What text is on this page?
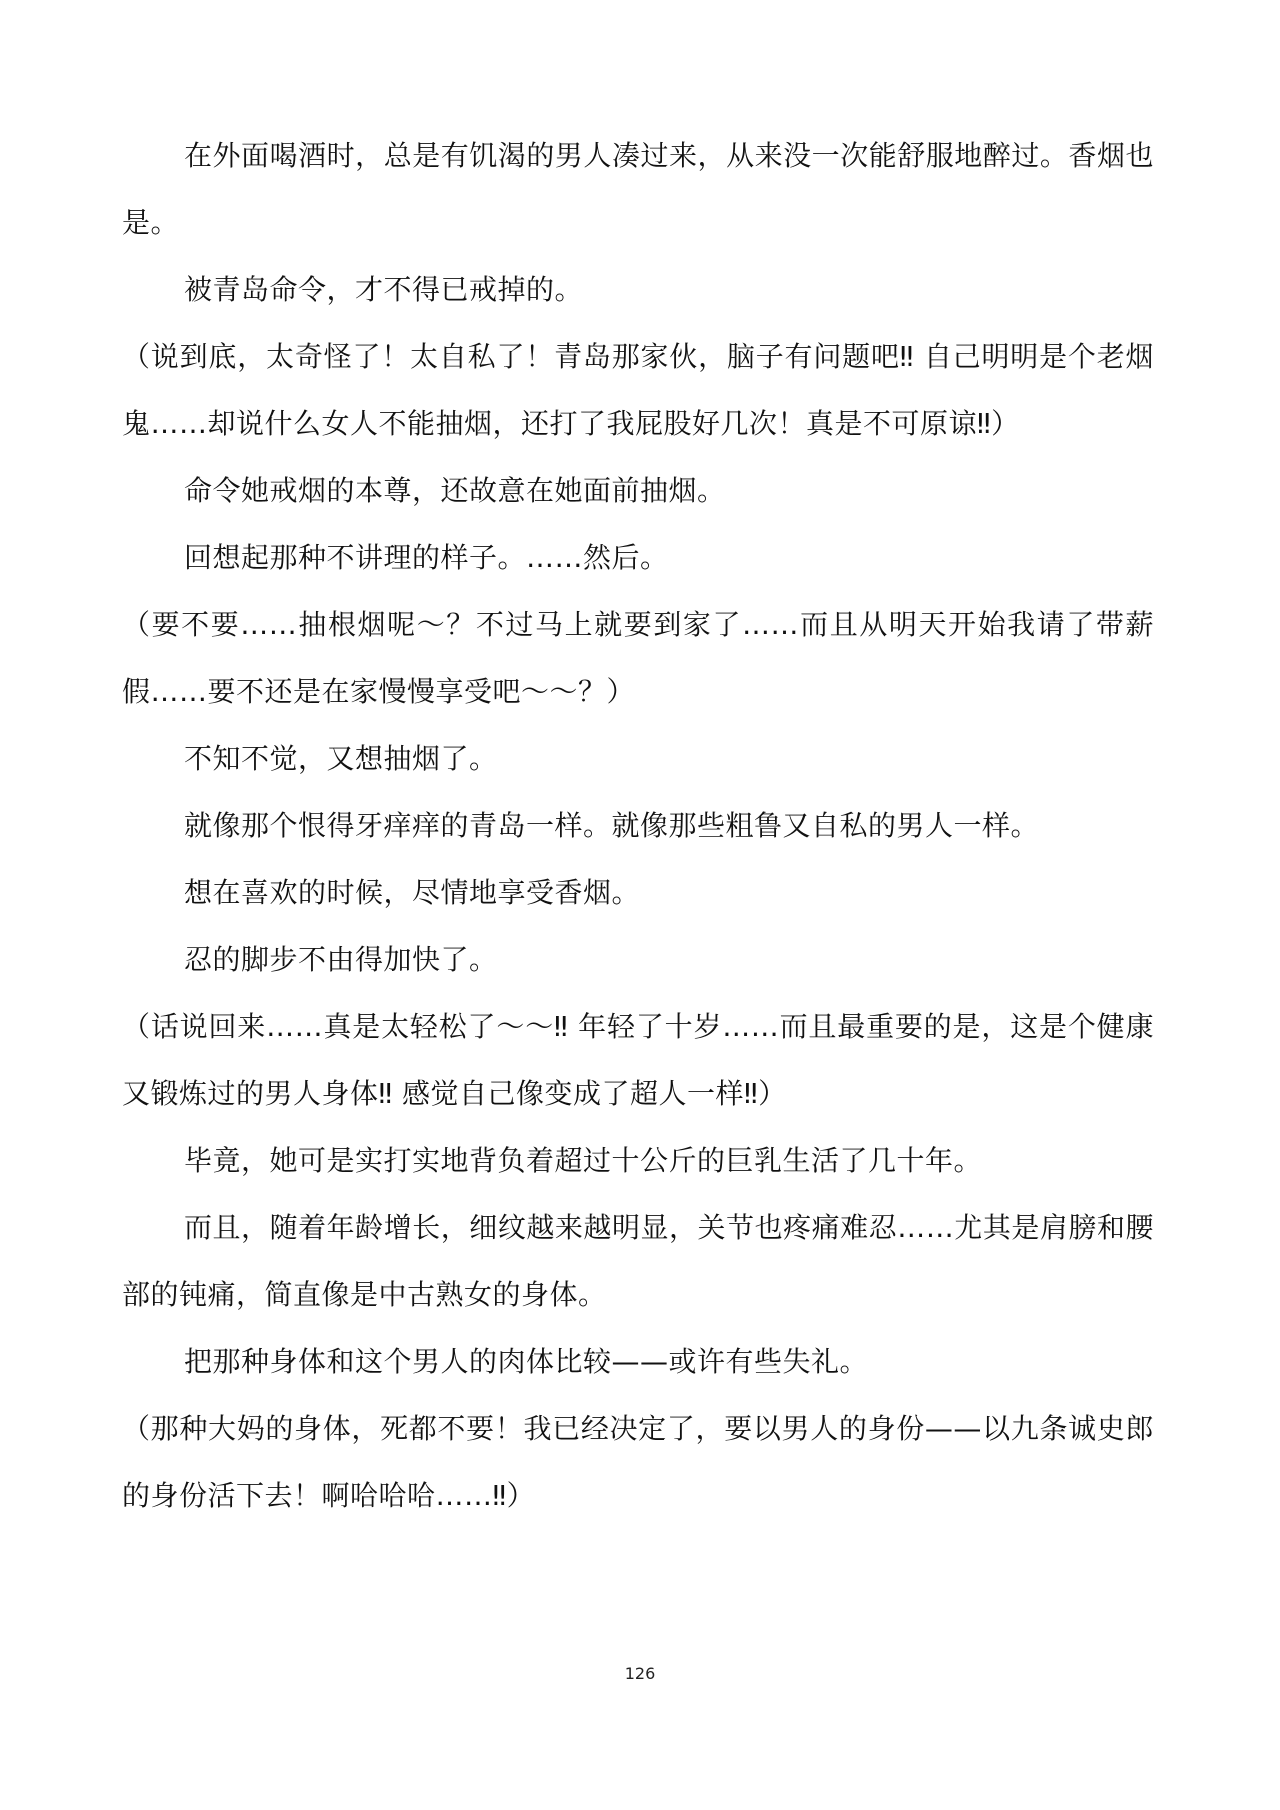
在外面喝酒时，总是有饥渴的男人凑过来，从来没一次能舒服地醉过。香烟也是。

被青岛命令，才不得已戒掉的。

（说到底，太奇怪了！太自私了！青岛那家伙，脑子有问题吧‼ 自己明明是个老烟鬼……却说什么女人不能抽烟，还打了我屁股好几次！真是不可原谅‼）

命令她戒烟的本尊，还故意在她面前抽烟。

回想起那种不讲理的样子。……然后。

（要不要……抽根烟呢～？不过马上就要到家了……而且从明天开始我请了带薪假……要不还是在家慢慢享受吧～～？）

不知不觉，又想抽烟了。

就像那个恨得牙痒痒的青岛一样。就像那些粗鲁又自私的男人一样。

想在喜欢的时候，尽情地享受香烟。

忍的脚步不由得加快了。

（话说回来……真是太轻松了～～‼ 年轻了十岁……而且最重要的是，这是个健康又锻炼过的男人身体‼ 感觉自己像变成了超人一样‼）

毕竟，她可是实打实地背负着超过十公斤的巨乳生活了几十年。

而且，随着年龄增长，细纹越来越明显，关节也疼痛难忍……尤其是肩膀和腰部的钝痛，简直像是中古熟女的身体。

把那种身体和这个男人的肉体比较——或许有些失礼。

（那种大妈的身体，死都不要！我已经决定了，要以男人的身份——以九条诚史郎的身份活下去！啊哈哈哈……‼）

126
